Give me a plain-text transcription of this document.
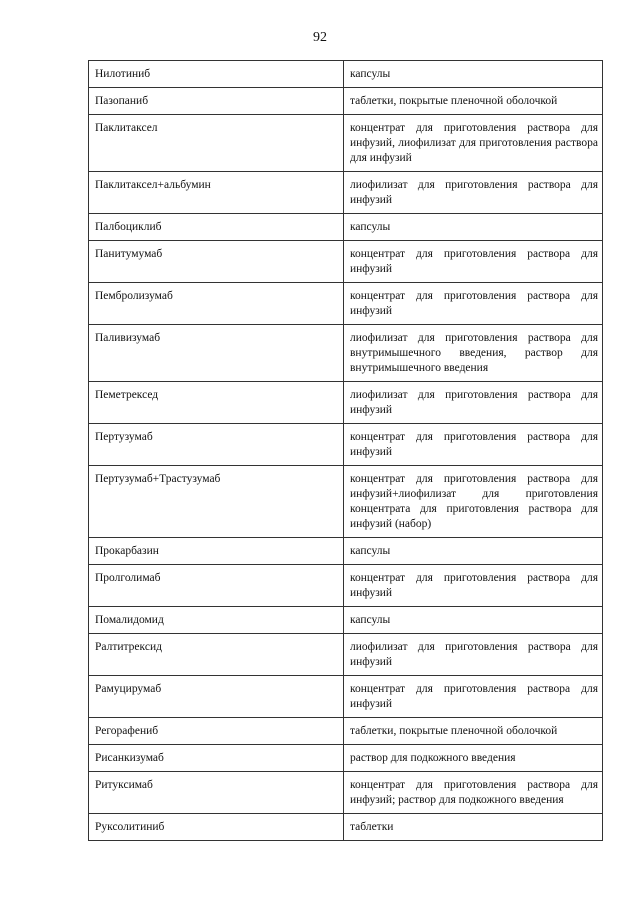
92
Нилотиниб	капсулы
Пазопаниб	таблетки, покрытые пленочной оболочкой
Паклитаксел	концентрат для приготовления раствора для инфузий, лиофилизат для приготовления раствора для инфузий
Паклитаксел+альбумин	лиофилизат для приготовления раствора для инфузий
Палбоциклиб	капсулы
Панитумумаб	концентрат для приготовления раствора для инфузий
Пембролизумаб	концентрат для приготовления раствора для инфузий
Паливизумаб	лиофилизат для приготовления раствора для внутримышечного введения, раствор для внутримышечного введения
Пеметрексед	лиофилизат для приготовления раствора для инфузий
Пертузумаб	концентрат для приготовления раствора для инфузий
Пертузумаб+Трастузумаб	концентрат для приготовления раствора для инфузий+лиофилизат для приготовления концентрата для приготовления раствора для инфузий (набор)
Прокарбазин	капсулы
Пролголимаб	концентрат для приготовления раствора для инфузий
Помалидомид	капсулы
Ралтитрексид	лиофилизат для приготовления раствора для инфузий
Рамуцирумаб	концентрат для приготовления раствора для инфузий
Регорафениб	таблетки, покрытые пленочной оболочкой
Рисанкизумаб	раствор для подкожного введения
Ритуксимаб	концентрат для приготовления раствора для инфузий; раствор для подкожного введения
Руксолитиниб	таблетки
